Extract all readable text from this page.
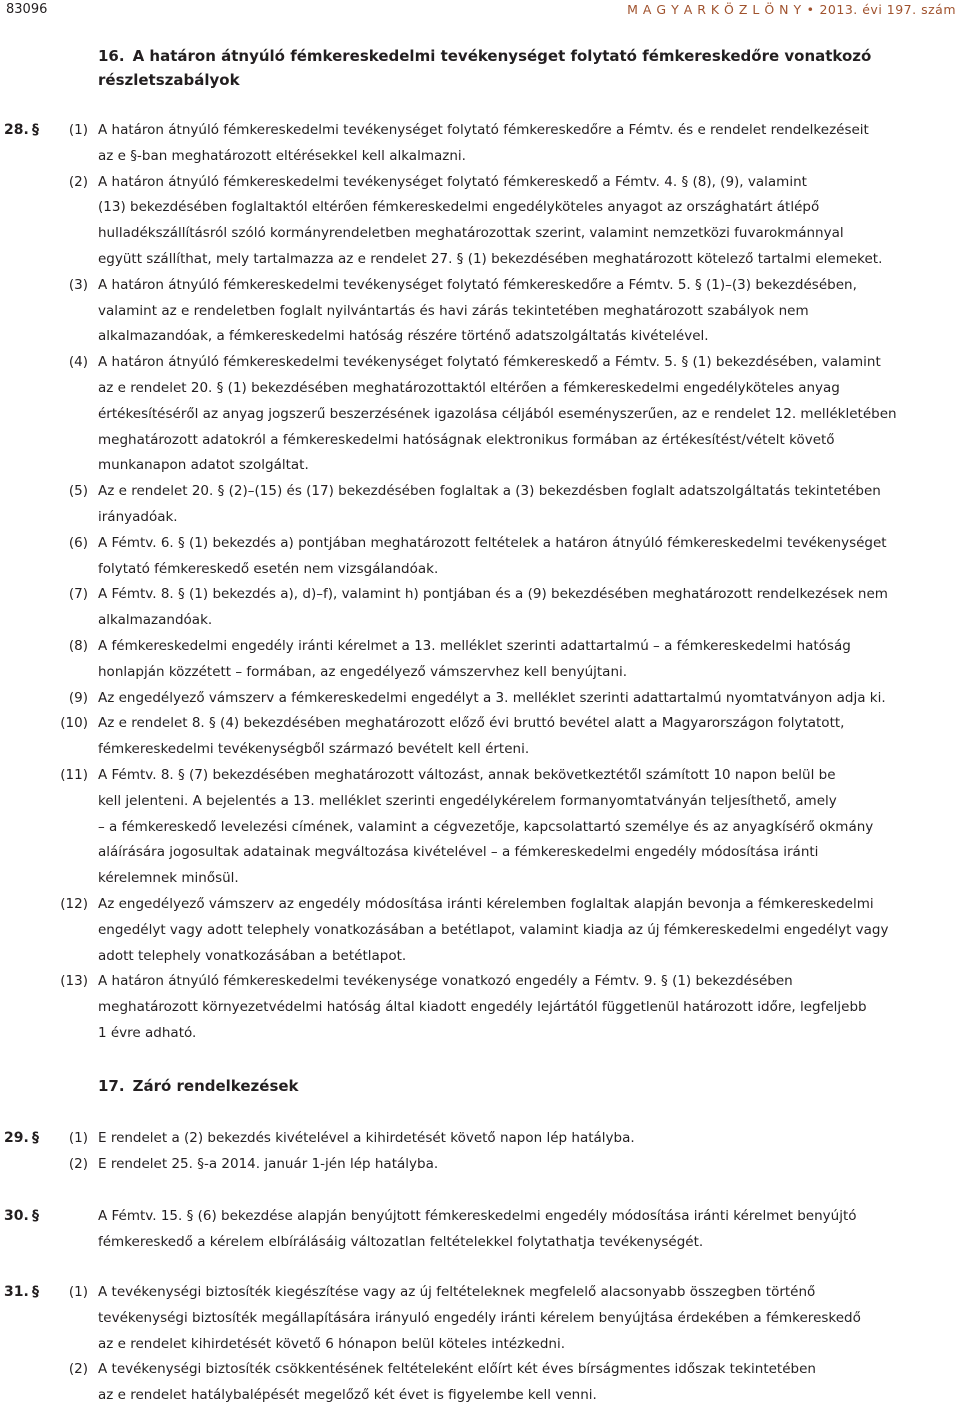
83096	M A G Y A R K Ö Z L Ö N Y • 2013. évi 197. szám
16. A határon átnyúló fémkereskedelmi tevékenységet folytató fémkereskedőre vonatkozó
részletszabályok
28. §	(1) A határon átnyúló fémkereskedelmi tevékenységet folytató fémkereskedőre a Fémtv. és e rendelet rendelkezéseit
az e §-ban meghatározott eltérésekkel kell alkalmazni.
(2) A határon átnyúló fémkereskedelmi tevékenységet folytató fémkereskedő a Fémtv. 4. § (8), (9), valamint
(13) bekezdésében foglaltaktól eltérően fémkereskedelmi engedélyköteles anyagot az országhatárt átlépő
hulladékszállításról szóló kormányrendeletben meghatározottak szerint, valamint nemzetközi fuvarokmánnyal
együtt szállíthat, mely tartalmazza az e rendelet 27. § (1) bekezdésében meghatározott kötelező tartalmi elemeket.
(3) A határon átnyúló fémkereskedelmi tevékenységet folytató fémkereskedőre a Fémtv. 5. § (1)–(3) bekezdésében,
valamint az e rendeletben foglalt nyilvántartás és havi zárás tekintetében meghatározott szabályok nem
alkalmazandóak, a fémkereskedelmi hatóság részére történő adatszolgáltatás kivételével.
(4) A határon átnyúló fémkereskedelmi tevékenységet folytató fémkereskedő a Fémtv. 5. § (1) bekezdésében, valamint
az e rendelet 20. § (1) bekezdésében meghatározottaktól eltérően a fémkereskedelmi engedélyköteles anyag
értékesítéséről az anyag jogszerű beszerzésének igazolása céljából eseményszerűen, az e rendelet 12. mellékletében
meghatározott adatokról a fémkereskedelmi hatóságnak elektronikus formában az értékesítést/vételt követő
munkanapon adatot szolgáltat.
(5) Az e rendelet 20. § (2)–(15) és (17) bekezdésében foglaltak a (3) bekezdésben foglalt adatszolgáltatás tekintetében
irányadóak.
(6) A Fémtv. 6. § (1) bekezdés a) pontjában meghatározott feltételek a határon átnyúló fémkereskedelmi tevékenységet
folytató fémkereskedő esetén nem vizsgálandóak.
(7) A Fémtv. 8. § (1) bekezdés a), d)–f), valamint h) pontjában és a (9) bekezdésében meghatározott rendelkezések nem
alkalmazandóak.
(8) A fémkereskedelmi engedély iránti kérelmet a 13. melléklet szerinti adattartalmú – a fémkereskedelmi hatóság
honlapján közzétett – formában, az engedélyező vámszervhez kell benyújtani.
(9) Az engedélyező vámszerv a fémkereskedelmi engedélyt a 3. melléklet szerinti adattartalmú nyomtatványon adja ki.
(10) Az e rendelet 8. § (4) bekezdésében meghatározott előző évi bruttó bevétel alatt a Magyarországon folytatott,
fémkereskedelmi tevékenységből származó bevételt kell érteni.
(11) A Fémtv. 8. § (7) bekezdésében meghatározott változást, annak bekövetkeztétől számított 10 napon belül be
kell jelenteni. A bejelentés a 13. melléklet szerinti engedélykérelem formanyomtatványán teljesíthető, amely
– a fémkereskedő levelezési címének, valamint a cégvezetője, kapcsolattartó személye és az anyagkísérő okmány
aláírására jogosultak adatainak megváltozása kivételével – a fémkereskedelmi engedély módosítása iránti
kérelemnek minősül.
(12) Az engedélyező vámszerv az engedély módosítása iránti kérelemben foglaltak alapján bevonja a fémkereskedelmi
engedélyt vagy adott telephely vonatkozásában a betétlapot, valamint kiadja az új fémkereskedelmi engedélyt vagy
adott telephely vonatkozásában a betétlapot.
(13) A határon átnyúló fémkereskedelmi tevékenysége vonatkozó engedély a Fémtv. 9. § (1) bekezdésében
meghatározott környezetvédelmi hatóság által kiadott engedély lejártától függetlenül határozott időre, legfeljebb
1 évre adható.
17. Záró rendelkezések
29. §	(1) E rendelet a (2) bekezdés kivételével a kihirdetését követő napon lép hatályba.
(2) E rendelet 25. §-a 2014. január 1-jén lép hatályba.
30. §	A Fémtv. 15. § (6) bekezdése alapján benyújtott fémkereskedelmi engedély módosítása iránti kérelmet benyújtó
fémkereskedő a kérelem elbírálásáig változatlan feltételekkel folytathatja tevékenységét.
31. §	(1) A tevékenységi biztosíték kiegészítése vagy az új feltételeknek megfelelő alacsonyabb összegben történő
tevékenységi biztosíték megállapítására irányuló engedély iránti kérelem benyújtása érdekében a fémkereskedő
az e rendelet kihirdetését követő 6 hónapon belül köteles intézkedni.
(2) A tevékenységi biztosíték csökkentésének feltételeként előírt két éves bírságmentes időszak tekintetében
az e rendelet hatálybalépését megelőző két évet is figyelembe kell venni.
